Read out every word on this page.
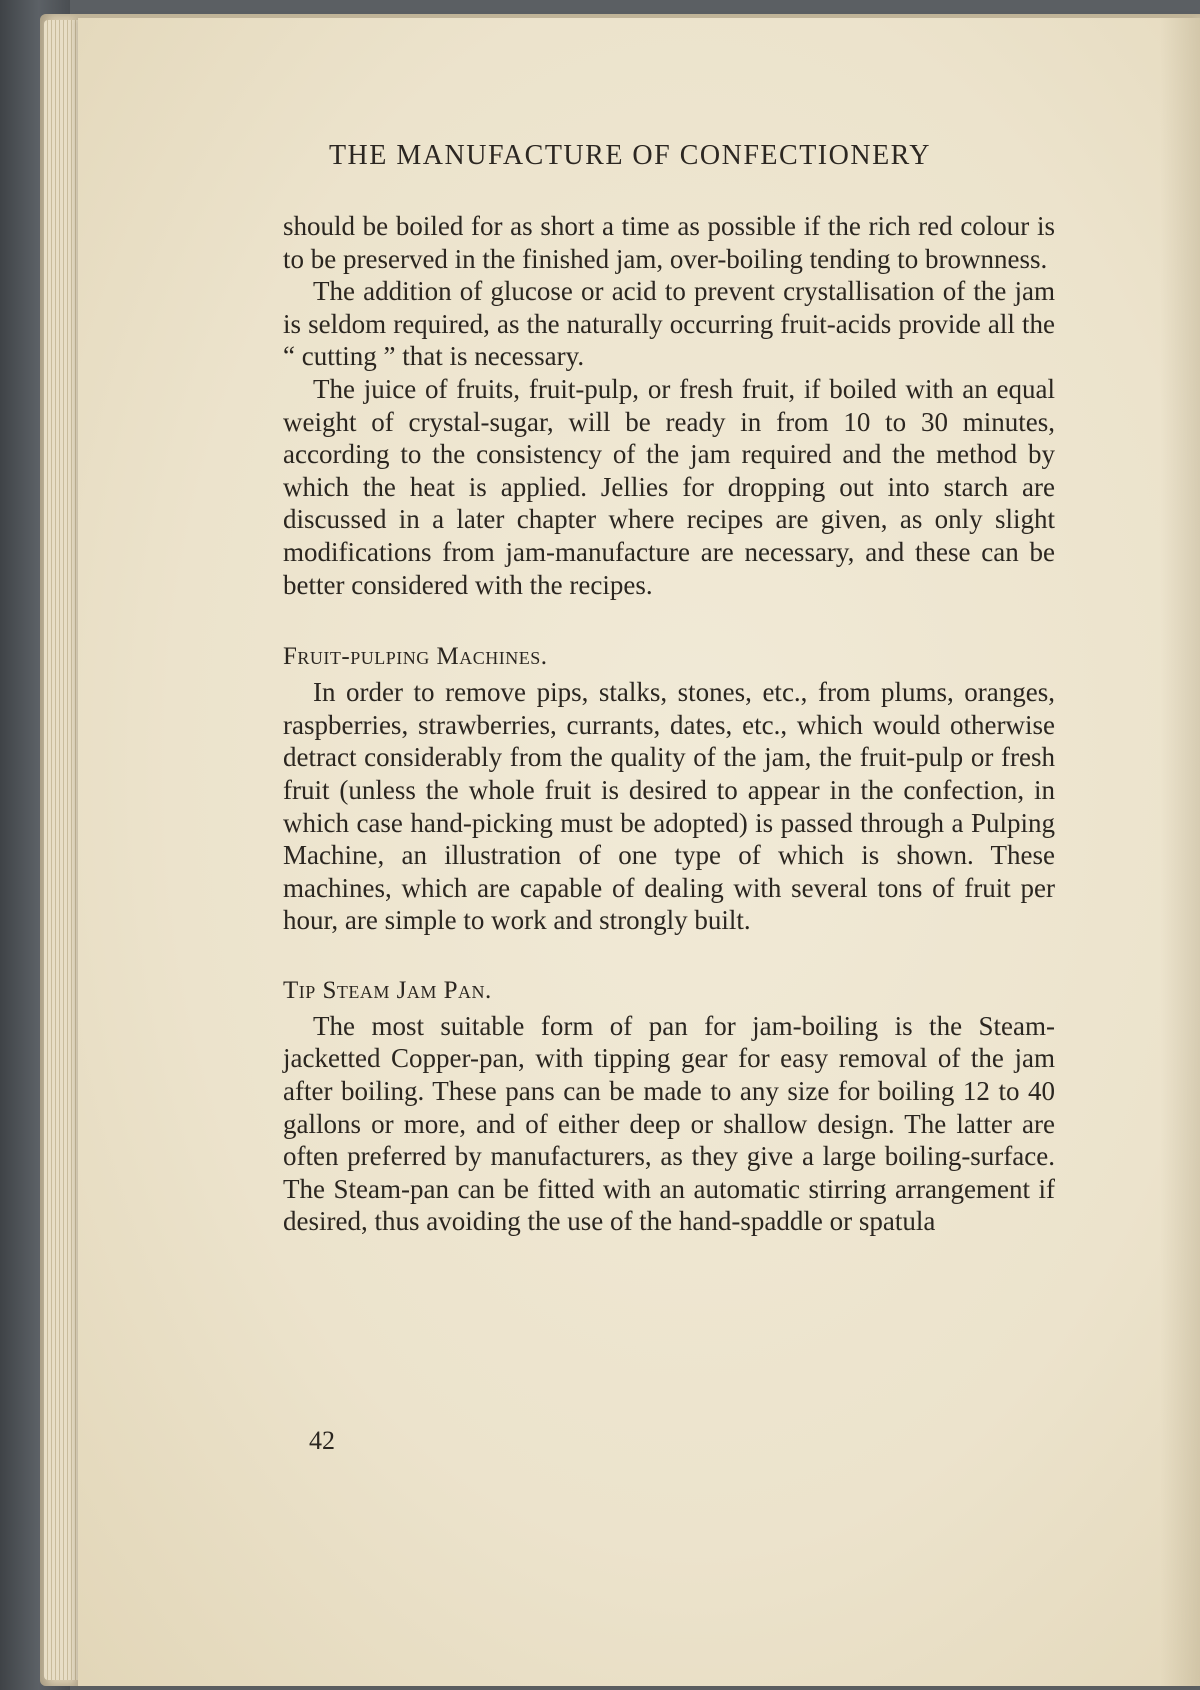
THE MANUFACTURE OF CONFECTIONERY

should be boiled for as short a time as possible if the rich red colour is to be preserved in the finished jam, over-boiling tending to brownness.

The addition of glucose or acid to prevent crystallisation of the jam is seldom required, as the naturally occurring fruit-acids provide all the “ cutting ” that is necessary.

The juice of fruits, fruit-pulp, or fresh fruit, if boiled with an equal weight of crystal-sugar, will be ready in from 10 to 30 minutes, according to the consistency of the jam required and the method by which the heat is applied. Jellies for dropping out into starch are discussed in a later chapter where recipes are given, as only slight modifications from jam-manufacture are necessary, and these can be better considered with the recipes.

Fruit-pulping Machines.

In order to remove pips, stalks, stones, etc., from plums, oranges, raspberries, strawberries, currants, dates, etc., which would otherwise detract considerably from the quality of the jam, the fruit-pulp or fresh fruit (unless the whole fruit is desired to appear in the confection, in which case hand-picking must be adopted) is passed through a Pulping Machine, an illustration of one type of which is shown. These machines, which are capable of dealing with several tons of fruit per hour, are simple to work and strongly built.

Tip Steam Jam Pan.

The most suitable form of pan for jam-boiling is the Steam-jacketted Copper-pan, with tipping gear for easy removal of the jam after boiling. These pans can be made to any size for boiling 12 to 40 gallons or more, and of either deep or shallow design. The latter are often preferred by manufacturers, as they give a large boiling-surface. The Steam-pan can be fitted with an automatic stirring arrangement if desired, thus avoiding the use of the hand-spaddle or spatula

42
